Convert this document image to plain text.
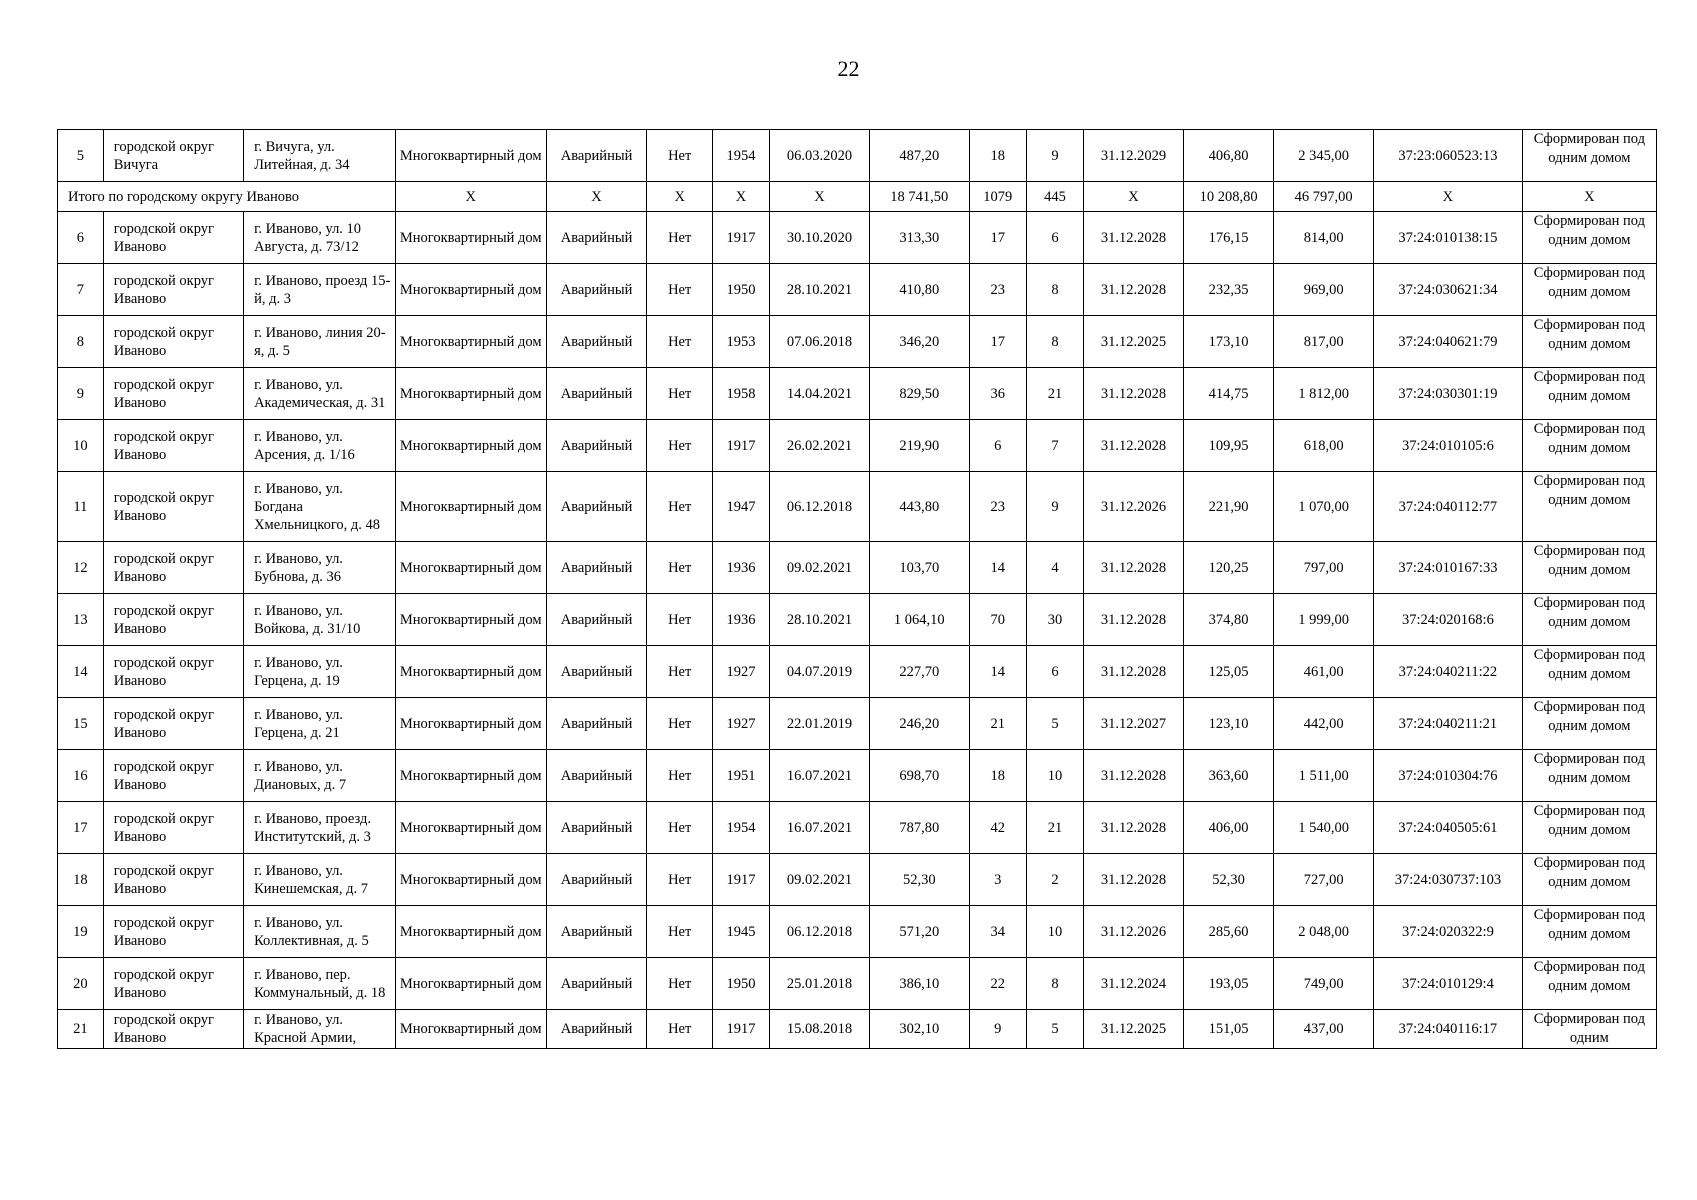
22
5	городской округ Вичуга	г. Вичуга, ул. Литейная, д. 34	Многоквартирный дом	Аварийный	Нет	1954	06.03.2020	487,20	18	9	31.12.2029	406,80	2 345,00	37:23:060523:13	Сформирован под одним домом
Итого по городскому округу Иваново			Х	Х	Х	Х	Х	18 741,50	1079	445	Х	10 208,80	46 797,00	Х	Х
6	городской округ Иваново	г. Иваново, ул. 10 Августа, д. 73/12	Многоквартирный дом	Аварийный	Нет	1917	30.10.2020	313,30	17	6	31.12.2028	176,15	814,00	37:24:010138:15	Сформирован под одним домом
7	городской округ Иваново	г. Иваново, проезд 15-й, д. 3	Многоквартирный дом	Аварийный	Нет	1950	28.10.2021	410,80	23	8	31.12.2028	232,35	969,00	37:24:030621:34	Сформирован под одним домом
8	городской округ Иваново	г. Иваново, линия 20-я, д. 5	Многоквартирный дом	Аварийный	Нет	1953	07.06.2018	346,20	17	8	31.12.2025	173,10	817,00	37:24:040621:79	Сформирован под одним домом
9	городской округ Иваново	г. Иваново, ул. Академическая, д. 31	Многоквартирный дом	Аварийный	Нет	1958	14.04.2021	829,50	36	21	31.12.2028	414,75	1 812,00	37:24:030301:19	Сформирован под одним домом
10	городской округ Иваново	г. Иваново, ул. Арсения, д. 1/16	Многоквартирный дом	Аварийный	Нет	1917	26.02.2021	219,90	6	7	31.12.2028	109,95	618,00	37:24:010105:6	Сформирован под одним домом
11	городской округ Иваново	г. Иваново, ул. Богдана Хмельницкого, д. 48	Многоквартирный дом	Аварийный	Нет	1947	06.12.2018	443,80	23	9	31.12.2026	221,90	1 070,00	37:24:040112:77	Сформирован под одним домом
12	городской округ Иваново	г. Иваново, ул. Бубнова, д. 36	Многоквартирный дом	Аварийный	Нет	1936	09.02.2021	103,70	14	4	31.12.2028	120,25	797,00	37:24:010167:33	Сформирован под одним домом
13	городской округ Иваново	г. Иваново, ул. Войкова, д. 31/10	Многоквартирный дом	Аварийный	Нет	1936	28.10.2021	1 064,10	70	30	31.12.2028	374,80	1 999,00	37:24:020168:6	Сформирован под одним домом
14	городской округ Иваново	г. Иваново, ул. Герцена, д. 19	Многоквартирный дом	Аварийный	Нет	1927	04.07.2019	227,70	14	6	31.12.2028	125,05	461,00	37:24:040211:22	Сформирован под одним домом
15	городской округ Иваново	г. Иваново, ул. Герцена, д. 21	Многоквартирный дом	Аварийный	Нет	1927	22.01.2019	246,20	21	5	31.12.2027	123,10	442,00	37:24:040211:21	Сформирован под одним домом
16	городской округ Иваново	г. Иваново, ул. Диановых, д. 7	Многоквартирный дом	Аварийный	Нет	1951	16.07.2021	698,70	18	10	31.12.2028	363,60	1 511,00	37:24:010304:76	Сформирован под одним домом
17	городской округ Иваново	г. Иваново, проезд. Институтский, д. 3	Многоквартирный дом	Аварийный	Нет	1954	16.07.2021	787,80	42	21	31.12.2028	406,00	1 540,00	37:24:040505:61	Сформирован под одним домом
18	городской округ Иваново	г. Иваново, ул. Кинешемская, д. 7	Многоквартирный дом	Аварийный	Нет	1917	09.02.2021	52,30	3	2	31.12.2028	52,30	727,00	37:24:030737:103	Сформирован под одним домом
19	городской округ Иваново	г. Иваново, ул. Коллективная, д. 5	Многоквартирный дом	Аварийный	Нет	1945	06.12.2018	571,20	34	10	31.12.2026	285,60	2 048,00	37:24:020322:9	Сформирован под одним домом
20	городской округ Иваново	г. Иваново, пер. Коммунальный, д. 18	Многоквартирный дом	Аварийный	Нет	1950	25.01.2018	386,10	22	8	31.12.2024	193,05	749,00	37:24:010129:4	Сформирован под одним домом
21	городской округ Иваново	г. Иваново, ул. Красной Армии,	Многоквартирный дом	Аварийный	Нет	1917	15.08.2018	302,10	9	5	31.12.2025	151,05	437,00	37:24:040116:17	Сформирован под одним
